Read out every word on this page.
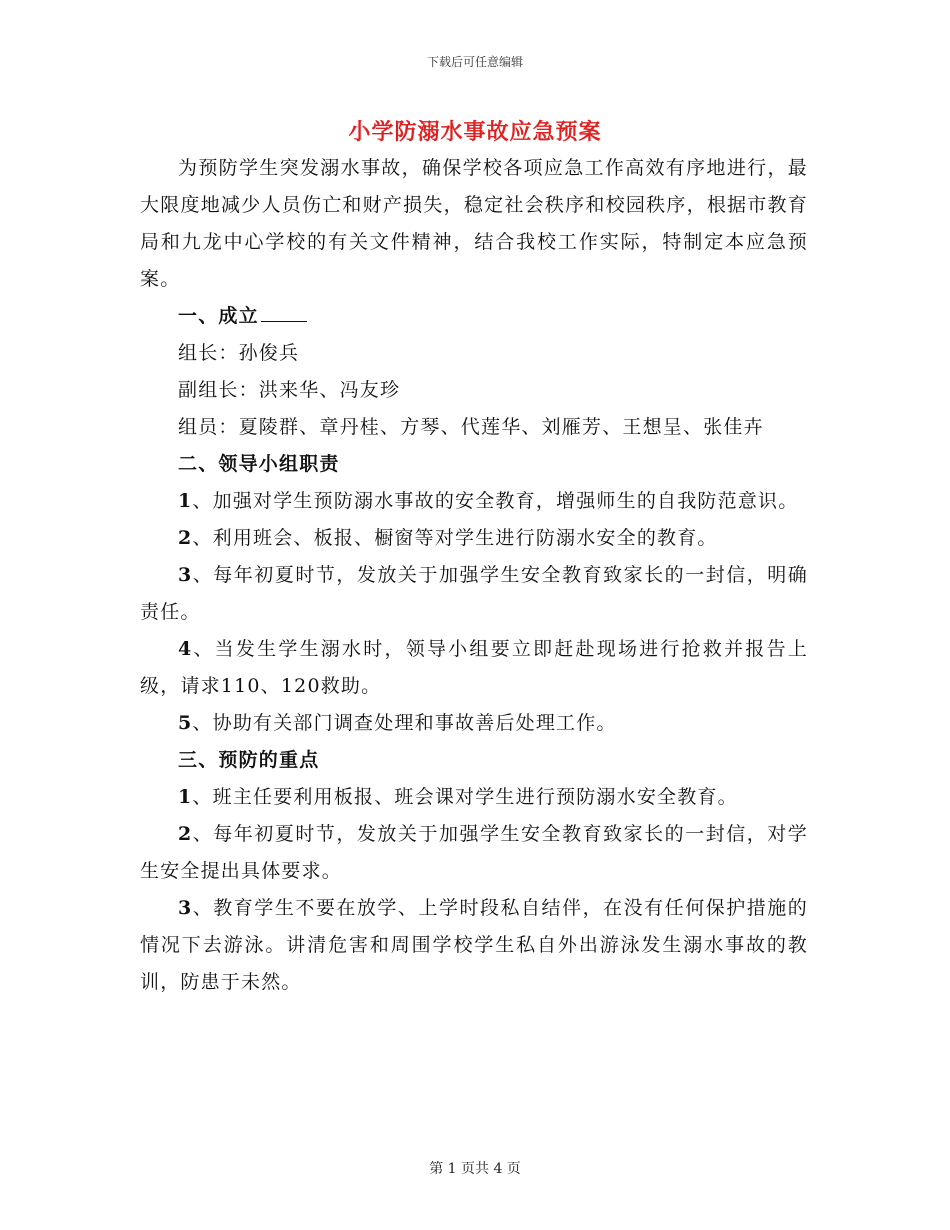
下载后可任意编辑
小学防溺水事故应急预案

为预防学生突发溺水事故，确保学校各项应急工作高效有序地进行，最大限度地减少人员伤亡和财产损失，稳定社会秩序和校园秩序，根据市教育局和九龙中心学校的有关文件精神，结合我校工作实际，特制定本应急预案。

一、成立

组长：孙俊兵

副组长：洪来华、冯友珍

组员：夏陵群、章丹桂、方琴、代莲华、刘雁芳、王想呈、张佳卉

二、领导小组职责

1、加强对学生预防溺水事故的安全教育，增强师生的自我防范意识。

2、利用班会、板报、橱窗等对学生进行防溺水安全的教育。

3、每年初夏时节，发放关于加强学生安全教育致家长的一封信，明确责任。

4、当发生学生溺水时，领导小组要立即赶赴现场进行抢救并报告上级，请求110、120救助。

5、协助有关部门调查处理和事故善后处理工作。

三、预防的重点

1、班主任要利用板报、班会课对学生进行预防溺水安全教育。

2、每年初夏时节，发放关于加强学生安全教育致家长的一封信，对学生安全提出具体要求。

3、教育学生不要在放学、上学时段私自结伴，在没有任何保护措施的情况下去游泳。讲清危害和周围学校学生私自外出游泳发生溺水事故的教训，防患于未然。

第 1 页共 4 页
